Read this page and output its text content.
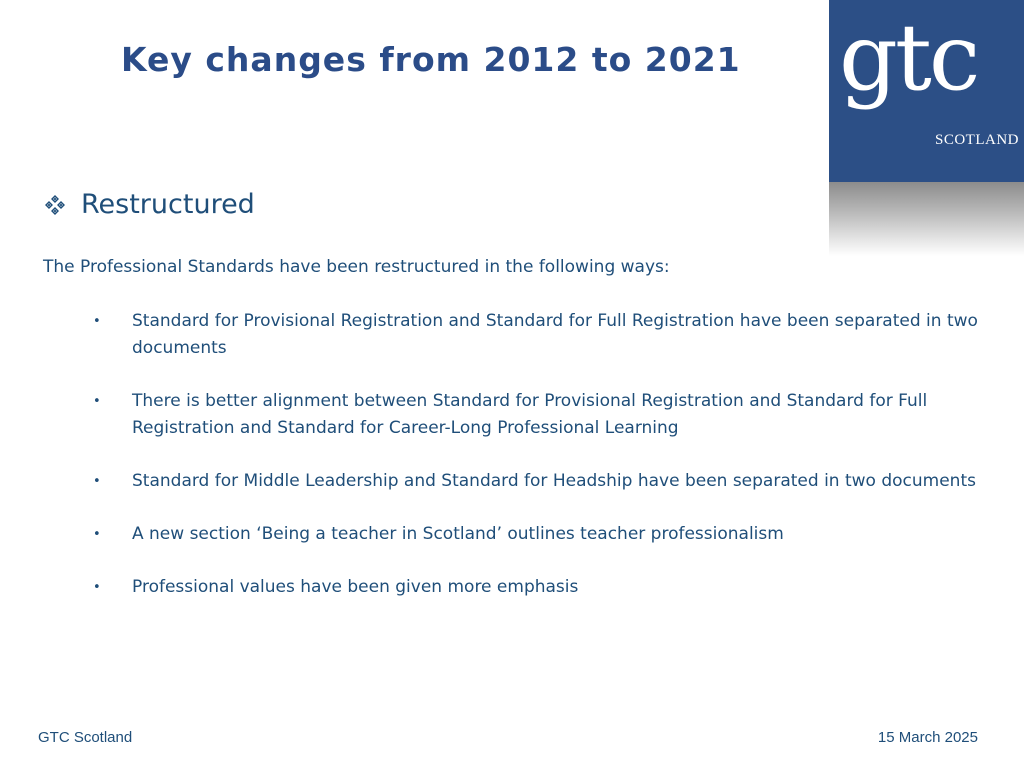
Key changes from 2012 to 2021 gtc
SCOTLAND
Restructured

The Professional Standards have been restructured in the following ways:

• Standard for Provisional Registration and Standard for Full Registration have been separated in two documents
• There is better alignment between Standard for Provisional Registration and Standard for Full Registration and Standard for Career-Long Professional Learning
• Standard for Middle Leadership and Standard for Headship have been separated in two documents
• A new section ‘Being a teacher in Scotland’ outlines teacher professionalism
• Professional values have been given more emphasis
GTC Scotland	15 March 2025
